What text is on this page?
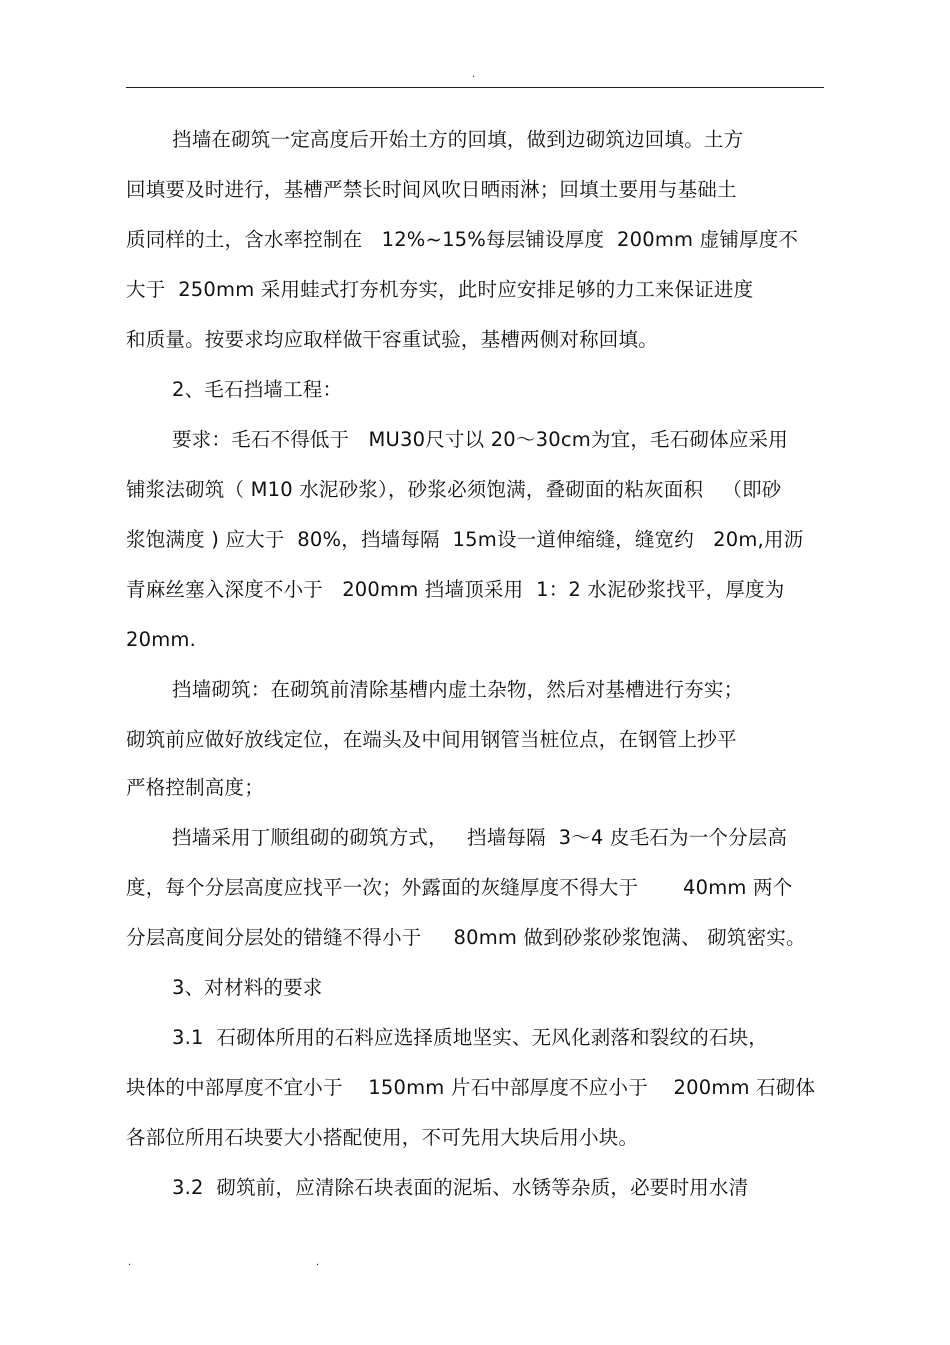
.
挡墙在砌筑一定高度后开始土方的回填，做到边砌筑边回填。土方
回填要及时进行，基槽严禁长时间风吹日晒雨淋；回填土要用与基础土
质同样的土，含水率控制在   12%~15%每层铺设厚度  200mm 虚铺厚度不
大于  250mm 采用蛙式打夯机夯实，此时应安排足够的力工来保证进度
和质量。按要求均应取样做干容重试验，基槽两侧对称回填。
2、毛石挡墙工程：
要求：毛石不得低于   MU30尺寸以 20～30cm为宜，毛石砌体应采用
铺浆法砌筑（ M10 水泥砂浆），砂浆必须饱满，叠砌面的粘灰面积   （即砂
浆饱满度 ) 应大于  80%，挡墙每隔  15m设一道伸缩缝，缝宽约   20m,用沥
青麻丝塞入深度不小于   200mm 挡墙顶采用  1：2 水泥砂浆找平，厚度为
20mm.
挡墙砌筑：在砌筑前清除基槽内虚土杂物，然后对基槽进行夯实；
砌筑前应做好放线定位，在端头及中间用钢管当桩位点，在钢管上抄平
严格控制高度；
挡墙采用丁顺组砌的砌筑方式，   挡墙每隔  3～4 皮毛石为一个分层高
度，每个分层高度应找平一次；外露面的灰缝厚度不得大于       40mm 两个
分层高度间分层处的错缝不得小于     80mm 做到砂浆砂浆饱满、 砌筑密实。
3、对材料的要求
3.1  石砌体所用的石料应选择质地坚实、无风化剥落和裂纹的石块，
块体的中部厚度不宜小于    150mm 片石中部厚度不应小于    200mm 石砌体
各部位所用石块要大小搭配使用，不可先用大块后用小块。
3.2  砌筑前，应清除石块表面的泥垢、水锈等杂质，必要时用水清
.	.
